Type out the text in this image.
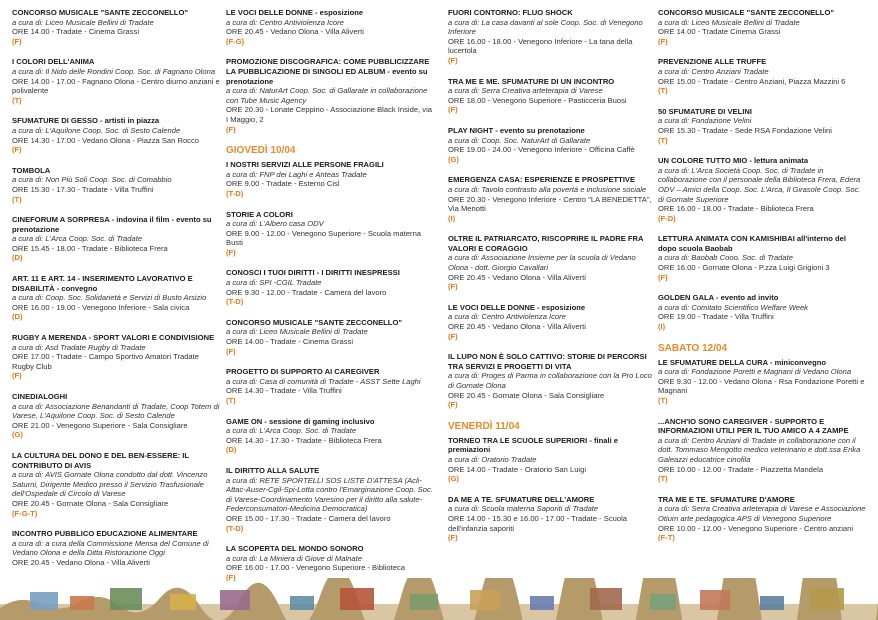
CONCORSO MUSICALE "SANTE ZECCONELLO"
a cura di: Liceo Musicale Bellini di Tradate
ORE 14.00 - Tradate - Cinema Grassi
(F)
I COLORI DELL'ANIMA
a cura di: Il Nido delle Rondini Coop. Soc. di Fagnano Olona
ORE 14.00 - 17.00 - Fagnano Olona - Centro diurno anziani e polivalente
(T)
SFUMATURE DI GESSO - artisti in piazza
a cura di: L'Aquilone Coop. Soc. di Sesto Calende
ORE 14.30 - 17.00 - Vedano Olona - Piazza San Rocco
(F)
TOMBOLA
a cura di: Non Più Soli Coop. Soc. di Comabbio
ORE 15.30 - 17.30 - Tradate - Villa Truffini
(T)
CINEFORUM A SORPRESA - indovina il film - evento su prenotazione
a cura di: L'Arca Coop. Soc. di Tradate
ORE 15.45 - 18.00 - Tradate - Biblioteca Frera
(D)
ART. 11 E ART. 14 - INSERIMENTO LAVORATIVO E DISABILITÀ - convegno
a cura di: Coop. Soc. Solidarietà e Servizi di Busto Arsizio
ORE 16.00 - 19.00 - Venegono Inferiore - Sala civica
(D)
RUGBY A MERENDA - SPORT VALORI E CONDIVISIONE
a cura di: Asd Tradate Rugby di Tradate
ORE 17.00 - Tradate - Campo Sportivo Amatori Tradate Rugby Club
(F)
CINEDIALOGHI
a cura di: Associazione Benandanti di Tradate, Coop Totem di Varese, L'Aquilone Coop. Soc. di Sesto Calende
ORE 21.00 - Venegono Superiore - Sala Consigliare
(G)
LA CULTURA DEL DONO E DEL BEN-ESSERE: IL CONTRIBUTO DI AVIS
a cura di: AVIS Gornate Olona condotto dal dott. Vincenzo Saturni, Dirigente Medico presso il Servizio Trasfusionale dell'Ospedale di Circolo di Varese
ORE 20.45 - Gornate Olona - Sala Consigliare
(F-G-T)
INCONTRO PUBBLICO EDUCAZIONE ALIMENTARE
a cura di: a cura della Commissione Mensa del Comune di Vedano Olona e della Ditta Ristorazione Oggi
ORE 20.45 - Vedano Olona - Villa Aliverti
LE VOCI DELLE DONNE - esposizione
a cura di: Centro Antiviolenza Icore
ORE 20.45 - Vedano Olona - Villa Aliverti
(F-G)
PROMOZIONE DISCOGRAFICA: COME PUBBLICIZZARE LA PUBBLICAZIONE DI SINGOLI ED ALBUM - evento su prenotazione
a cura di: NaturArt Coop. Soc. di Gallarate in collaborazione con Tube Music Agency
ORE 20.30 - Lonate Ceppino - Associazione Black Inside, via I Maggio, 2
(F)
GIOVEDÌ 10/04
I NOSTRI SERVIZI ALLE PERSONE FRAGILI
a cura di: FNP dei Laghi e Anteas Tradate
ORE 9.00 - Tradate - Esterno Cisl
(T-D)
STORIE A COLORI
a cura di: L'Albero casa ODV
ORE 9.00 - 12.00 - Venegono Superiore - Scuola materna Busti
(F)
CONOSCI I TUOI DIRITTI - I DIRITTI INESPRESSI
a cura di: SPI -CGIL Tradate
ORE 9.30 - 12.00 - Tradate - Camera del lavoro
(T-D)
CONCORSO MUSICALE "SANTE ZECCONELLO"
a cura di: Liceo Musicale Bellini di Tradate
ORE 14.00 - Tradate - Cinema Grassi
(F)
PROGETTO DI SUPPORTO AI CAREGIVER
a cura di: Casa di comunità di Tradate - ASST Sette Laghi
ORE 14.30 - Tradate - Villa Truffini
(T)
GAME ON - sessione di gaming inclusivo
a cura di: L'Arca Coop. Soc. di Tradate
ORE 14.30 - 17.30 - Tradate - Biblioteca Frera
(D)
IL DIRITTO ALLA SALUTE
a cura di: RETE SPORTELLI SOS LISTE D'ATTESA (Acli-Attac-Auser-Cgil-Spi-Lotta contro l'Emarginazione Coop. Soc. di Varese-Coordinamento Varesino per il diritto alla salute-Federconsumatori-Medicina Democratica)
ORE 15.00 - 17.30 - Tradate - Camera del lavoro
(T-D)
LA SCOPERTA DEL MONDO SONORO
a cura di: La Miniera di Giove di Malnate
ORE 16.00 - 17.00 - Venegono Superiore - Biblioteca
(F)
FUORI CONTORNO: FLUO SHOCK
a cura di: La casa davanti al sole Coop. Soc. di Venegono Inferiore
ORE 16.00 - 18.00 - Venegono Inferiore - La tana della lucertola
(F)
TRA ME E ME. SFUMATURE DI UN INCONTRO
a cura di: Serra Creativa arteterapia di Varese
ORE 18.00 - Venegono Superiore - Pasticceria Buosi
(F)
PLAY NIGHT - evento su prenotazione
a cura di: Coop. Soc. NaturArt di Gallarate
ORE 19.00 - 24.00 - Venegono Inferiore - Officina Caffè
(G)
EMERGENZA CASA: ESPERIENZE E PROSPETTIVE
a cura di: Tavolo contrasto alla povertà e inclusione sociale
ORE 20.30 - Venegono Inferiore - Centro "LA BENEDETTA", Via Menotti
(I)
OLTRE IL PATRIARCATO, RISCOPRIRE IL PADRE FRA VALORI E CORAGGIO
a cura di: Associazione Insieme per la scuola di Vedano Olona - dott. Giorgio Cavallari
ORE 20.45 - Vedano Olona - Villa Aliverti
(F)
LE VOCI DELLE DONNE - esposizione
a cura di: Centro Antiviolenza Icore
ORE 20.45 - Vedano Olona - Villa Aliverti
(F)
IL LUPO NON È SOLO CATTIVO: STORIE DI PERCORSI TRA SERVIZI E PROGETTI DI VITA
a cura di: Proges di Parma in collaborazione con la Pro Loco di Gornate Olona
ORE 20.45 - Gornate Olona - Sala Consigliare
(F)
VENERDÌ 11/04
TORNEO TRA LE SCUOLE SUPERIORI - finali e premiazioni
a cura di: Oratorio Tradate
ORE 14.00 - Tradate - Oratorio San Luigi
(G)
DA ME A TE. SFUMATURE DELL'AMORE
a cura di: Scuola materna Saporiti di Tradate
ORE 14.00 - 15.30 e 16.00 - 17.00 - Tradate - Scuola dell'infanzia saporiti
(F)
CONCORSO MUSICALE "SANTE ZECCONELLO"
a cura di: Liceo Musicale Bellini di Tradate
ORE 14.00 - Tradate Cinema Grassi
(F)
PREVENZIONE ALLE TRUFFE
a cura di: Centro Anziani Tradate
ORE 15.00 - Tradate - Centro Anziani, Piazza Mazzini 6
(T)
50 SFUMATURE DI VELINI
a cura di: Fondazione Velini
ORE 15.30 - Tradate - Sede RSA Fondazione Velini
(T)
UN COLORE TUTTO MIO - lettura animata
a cura di: L'Arca Società Coop. Soc. di Tradate in collaborazione con il personale della Biblioteca Frera, Edera ODV – Amici della Coop. Soc. L'Arca, Il Girasole Coop. Soc. di Gornate Superiore
ORE 16.00 - 18.00 - Tradate - Biblioteca Frera
(F-D)
LETTURA ANIMATA CON KAMISHIBAI all'interno del dopo scuola Baobab
a cura di: Baobab Cooo. Soc. di Tradate
ORE 16.00 - Gornate Olona - P.zza Luigi Grigioni 3
(F)
GOLDEN GALA - evento ad invito
a cura di: Comitato Scientifico Welfare Week
ORE 19.00 - Tradate - Villa Truffini
(I)
SABATO 12/04
LE SFUMATURE DELLA CURA - miniconvegno
a cura di: Fondazione Poretti e Magnani di Vedano Olona
ORE 9.30 - 12.00 - Vedano Olona - Rsa Fondazione Poretti e Magnani
(T)
...ANCH'IO SONO CAREGIVER - SUPPORTO E INFORMAZIONI UTILI PER IL TUO AMICO A 4 ZAMPE
a cura di: Centro Anziani di Tradate in collaborazione con il dott. Tommaso Mengotto medico veterinario e dott.ssa Erika Galeazzi educatrice cinofila
ORE 10.00 - 12.00 - Tradate - Piazzetta Mandela
(T)
TRA ME E TE. SFUMATURE D'AMORE
a cura di: Serra Creativa arteterapia di Varese e Associazione Otium arte pedagogica APS di Venegono Superiore
ORE 10.00 - 12.00 - Venegono Superiore - Centro anziani
(F-T)
